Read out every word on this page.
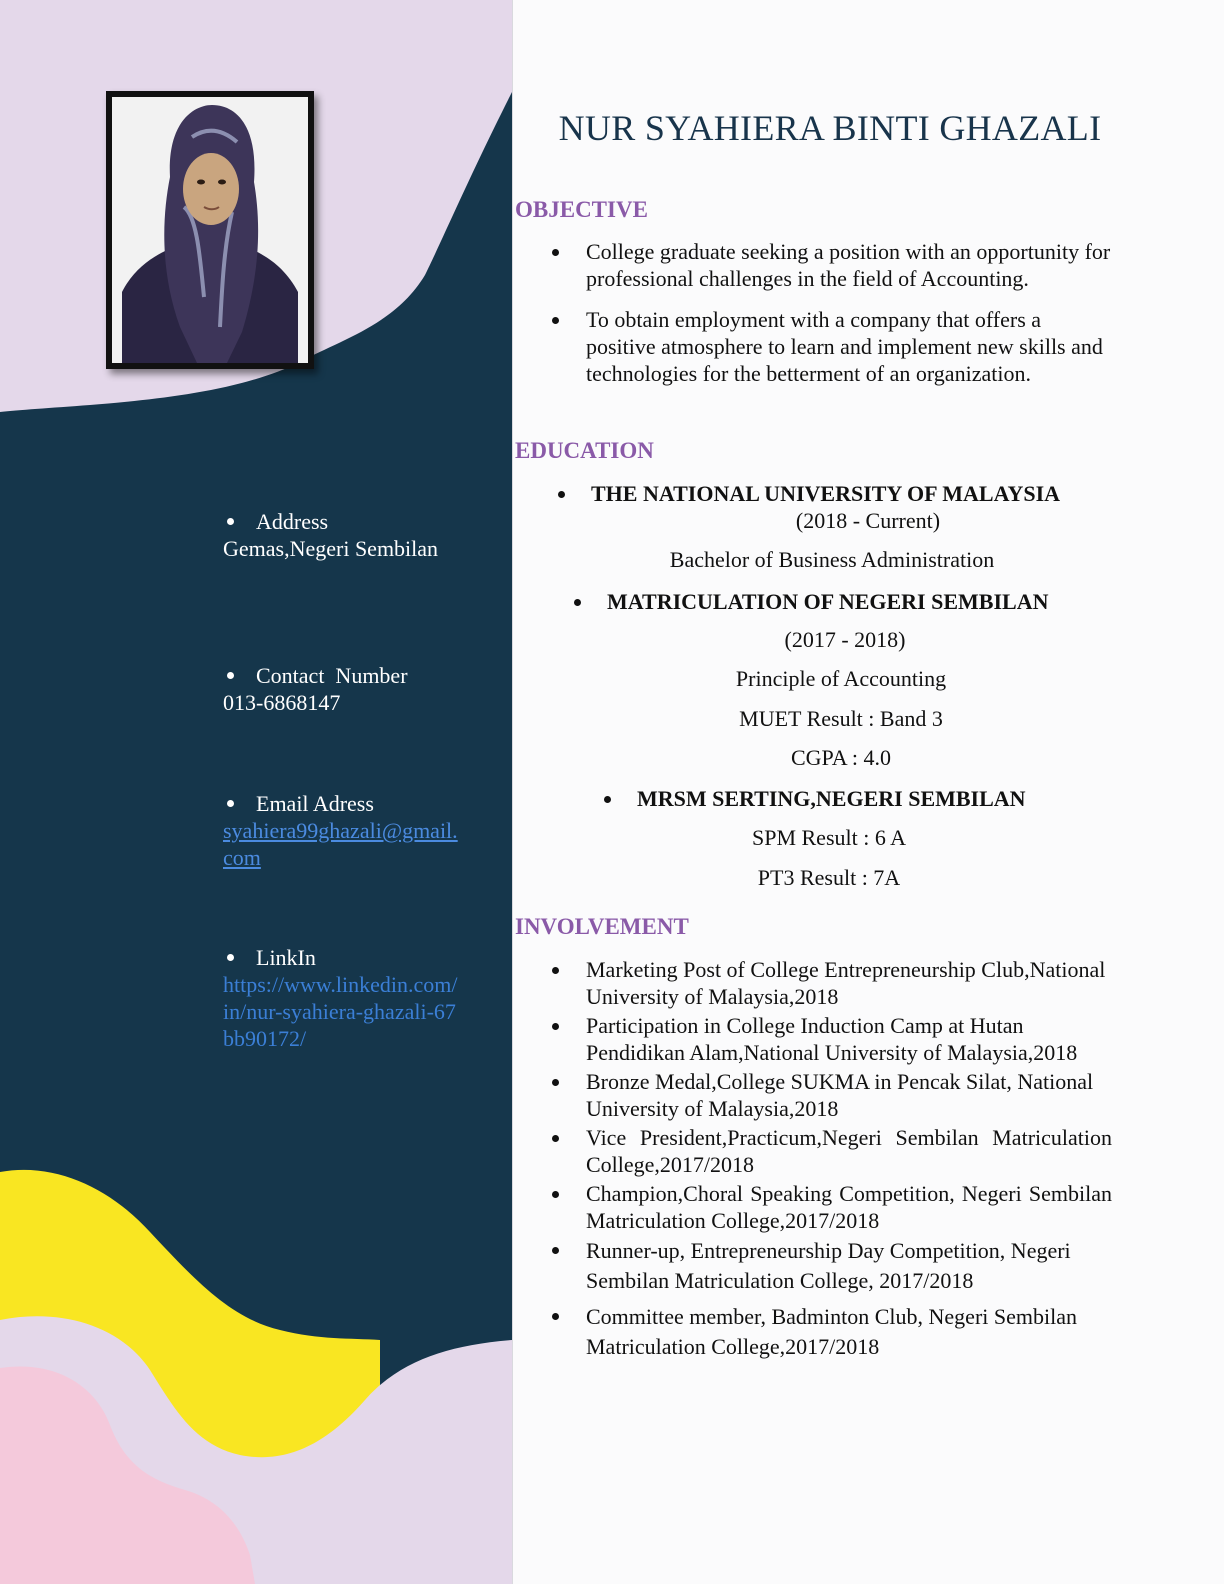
Address
Gemas,Negeri Sembilan
Contact  Number
013-6868147
Email Adress
syahiera99ghazali@gmail.com
LinkIn
https://www.linkedin.com/in/nur-syahiera-ghazali-67bb90172/
NUR SYAHIERA BINTI GHAZALI
OBJECTIVE
College graduate seeking a position with an opportunity for professional challenges in the field of Accounting.
To obtain employment with a company that offers a positive atmosphere to learn and implement new skills and technologies for the betterment of an organization.
EDUCATION
THE NATIONAL UNIVERSITY OF MALAYSIA
(2018 - Current)
Bachelor of Business Administration
MATRICULATION OF NEGERI SEMBILAN
(2017 - 2018)
Principle of Accounting
MUET Result : Band 3
CGPA : 4.0
MRSM SERTING,NEGERI SEMBILAN
SPM Result : 6 A
PT3 Result : 7A
INVOLVEMENT
Marketing Post of College Entrepreneurship Club,National University of Malaysia,2018
Participation in College Induction Camp at Hutan Pendidikan Alam,National University of Malaysia,2018
Bronze Medal,College SUKMA in Pencak Silat, National University of Malaysia,2018
Vice President,Practicum,Negeri Sembilan Matriculation College,2017/2018
Champion,Choral Speaking Competition, Negeri Sembilan Matriculation College,2017/2018
Runner-up, Entrepreneurship Day Competition, Negeri Sembilan Matriculation College, 2017/2018
Committee member, Badminton Club, Negeri Sembilan Matriculation College,2017/2018
